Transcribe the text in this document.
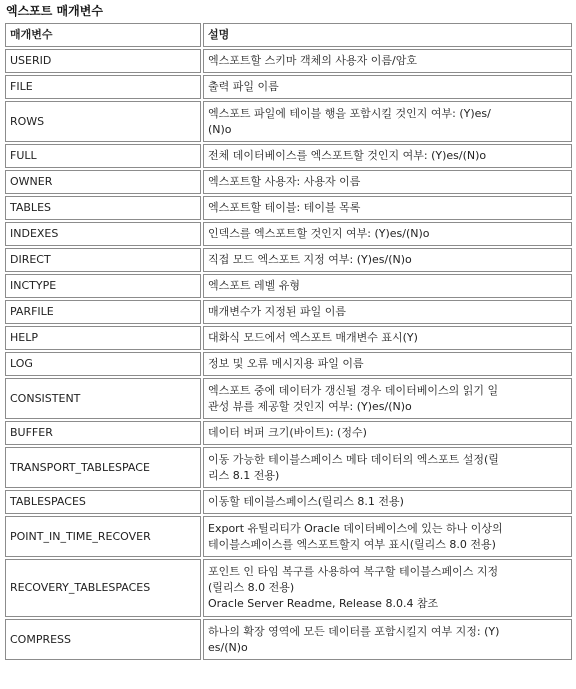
엑스포트 매개변수
매개변수	설명
USERID	엑스포트할 스키마 객체의 사용자 이름/암호

FILE	출력 파일 이름

ROWS	엑스포트 파일에 테이블 행을 포함시킬 것인지 여부: (Y)es/
(N)o

FULL	전체 데이터베이스를 엑스포트할 것인지 여부: (Y)es/(N)o

OWNER	엑스포트할 사용자: 사용자 이름

TABLES	엑스포트할 테이블: 테이블 목록

INDEXES	인덱스를 엑스포트할 것인지 여부: (Y)es/(N)o

DIRECT	직접 모드 엑스포트 지정 여부: (Y)es/(N)o

INCTYPE	엑스포트 레벨 유형

PARFILE	매개변수가 지정된 파일 이름

HELP	대화식 모드에서 엑스포트 매개변수 표시(Y)

LOG	정보 및 오류 메시지용 파일 이름

CONSISTENT	엑스포트 중에 데이터가 갱신될 경우 데이터베이스의 읽기 일
관성 뷰를 제공할 것인지 여부: (Y)es/(N)o

BUFFER	데이터 버퍼 크기(바이트): (정수)

TRANSPORT_TABLESPACE	이동 가능한 테이블스페이스 메타 데이터의 엑스포트 설정(릴
리스 8.1 전용)

TABLESPACES	이동할 테이블스페이스(릴리스 8.1 전용)

POINT_IN_TIME_RECOVER	Export 유틸리티가 Oracle 데이터베이스에 있는 하나 이상의
테이블스페이스를 엑스포트할지 여부 표시(릴리스 8.0 전용)

RECOVERY_TABLESPACES	포인트 인 타임 복구를 사용하여 복구할 테이블스페이스 지정
(릴리스 8.0 전용)
Oracle Server Readme, Release 8.0.4 참조

COMPRESS	하나의 확장 영역에 모든 데이터를 포함시킬지 여부 지정: (Y)
es/(N)o
